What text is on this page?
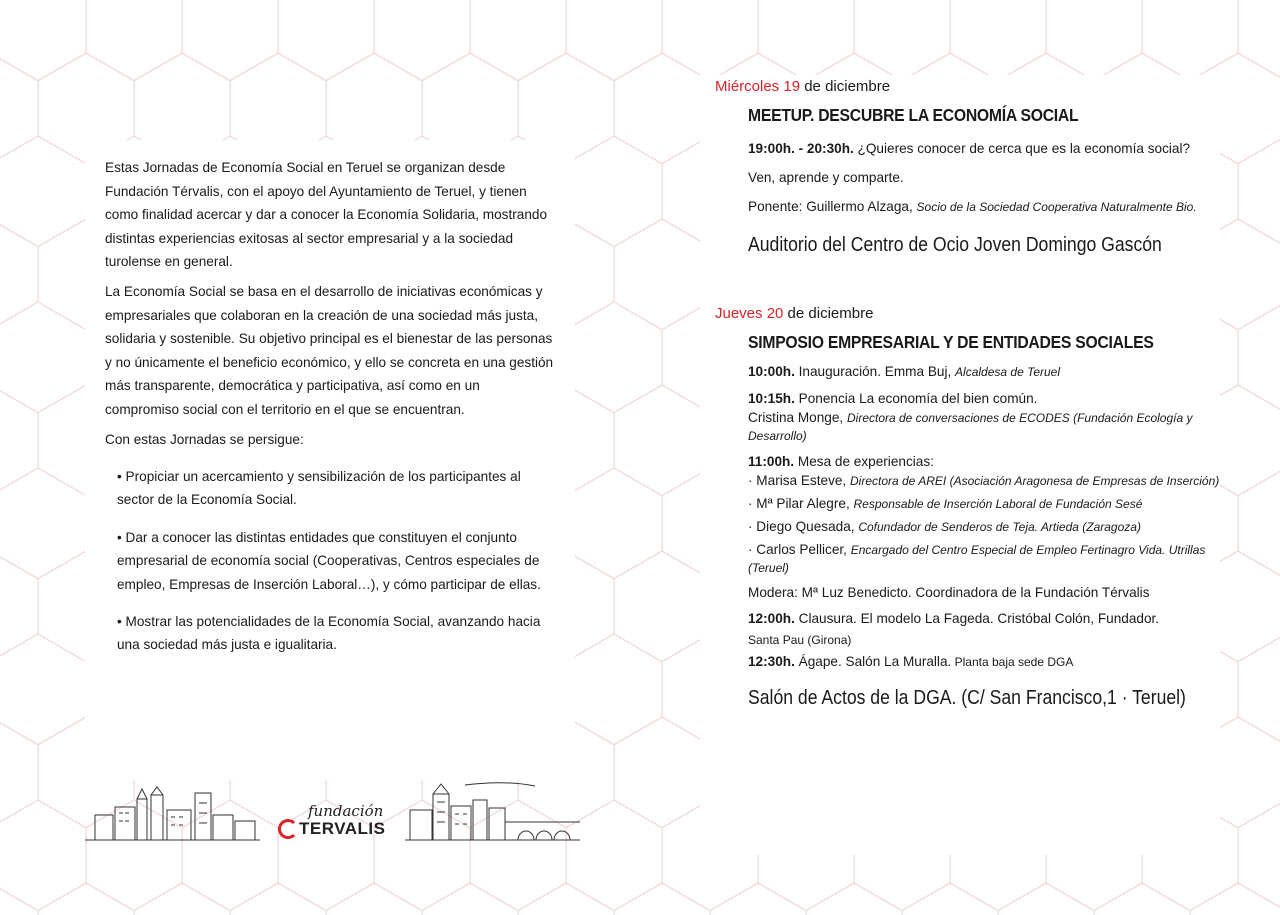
Estas Jornadas de Economía Social en Teruel se organizan desde Fundación Térvalis, con el apoyo del Ayuntamiento de Teruel, y tienen como finalidad acercar y dar a conocer la Economía Solidaria, mostrando distintas experiencias exitosas al sector empresarial y a la sociedad turolense en general.

La Economía Social se basa en el desarrollo de iniciativas económicas y empresariales que colaboran en la creación de una sociedad más justa, solidaria y sostenible. Su objetivo principal es el bienestar de las personas y no únicamente el beneficio económico, y ello se concreta en una gestión más transparente, democrática y participativa, así como en un compromiso social con el territorio en el que se encuentran.

Con estas Jornadas se persigue:

• Propiciar un acercamiento y sensibilización de los participantes al sector de la Economía Social.

• Dar a conocer las distintas entidades que constituyen el conjunto empresarial de economía social (Cooperativas, Centros especiales de empleo, Empresas de Inserción Laboral…), y cómo participar de ellas.

• Mostrar las potencialidades de la Economía Social, avanzando hacia una sociedad más justa e igualitaria.

fundación
TERVALIS
Miércoles 19 de diciembre
MEETUP. DESCUBRE LA ECONOMÍA SOCIAL
19:00h. - 20:30h. ¿Quieres conocer de cerca que es la economía social? Ven, aprende y comparte.
Ponente: Guillermo Alzaga, Socio de la Sociedad Cooperativa Naturalmente Bio.
Auditorio del Centro de Ocio Joven Domingo Gascón
Jueves 20 de diciembre
SIMPOSIO EMPRESARIAL Y DE ENTIDADES SOCIALES
10:00h. Inauguración. Emma Buj, Alcaldesa de Teruel
10:15h. Ponencia La economía del bien común.
Cristina Monge, Directora de conversaciones de ECODES (Fundación Ecología y Desarrollo)
11:00h. Mesa de experiencias:
· Marisa Esteve, Directora de AREI (Asociación Aragonesa de Empresas de Inserción)
· Mª Pilar Alegre, Responsable de Inserción Laboral de Fundación Sesé
· Diego Quesada, Cofundador de Senderos de Teja. Artieda (Zaragoza)
· Carlos Pellicer, Encargado del Centro Especial de Empleo Fertinagro Vida. Utrillas (Teruel)
Modera: Mª Luz Benedicto. Coordinadora de la Fundación Térvalis
12:00h. Clausura. El modelo La Fageda. Cristóbal Colón, Fundador.
Santa Pau (Girona)
12:30h. Ágape. Salón La Muralla. Planta baja sede DGA
Salón de Actos de la DGA. (C/ San Francisco,1 · Teruel)
